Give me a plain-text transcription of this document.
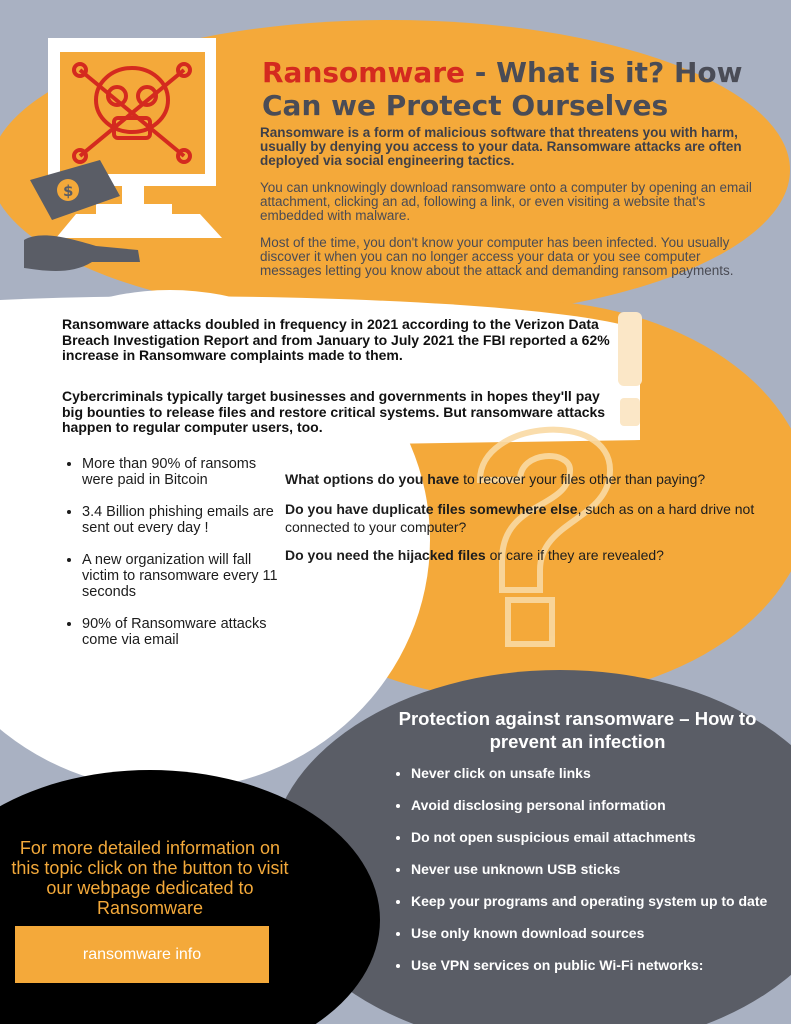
$
Ransomware - What is it? How Can we Protect Ourselves

Ransomware is a form of malicious software that threatens you with harm, usually by denying you access to your data. Ransomware attacks are often deployed via social engineering tactics.

You can unknowingly download ransomware onto a computer by opening an email attachment, clicking an ad, following a link, or even visiting a website that's embedded with malware.

Most of the time, you don't know your computer has been infected. You usually discover it when you can no longer access your data or you see computer messages letting you know about the attack and demanding ransom payments.

Ransomware attacks doubled in frequency in 2021 according to the Verizon Data Breach Investigation Report and from January to July 2021 the FBI reported a 62% increase in Ransomware complaints made to them.

Cybercriminals typically target businesses and governments in hopes they'll pay big bounties to release files and restore critical systems. But ransomware attacks happen to regular computer users, too.

• More than 90% of ransoms were paid in Bitcoin
• 3.4 Billion phishing emails are sent out every day !
• A new organization will fall victim to ransomware every 11 seconds
• 90% of Ransomware attacks come via email

What options do you have to recover your files other than paying?

Do you have duplicate files somewhere else, such as on a hard drive not connected to your computer?

Do you need the hijacked files or care if they are revealed?

Protection against ransomware – How to prevent an infection
• Never click on unsafe links
• Avoid disclosing personal information
• Do not open suspicious email attachments
• Never use unknown USB sticks
• Keep your programs and operating system up to date
• Use only known download sources
• Use VPN services on public Wi-Fi networks:

For more detailed information on this topic click on the button to visit our webpage dedicated to Ransomware

ransomware info
